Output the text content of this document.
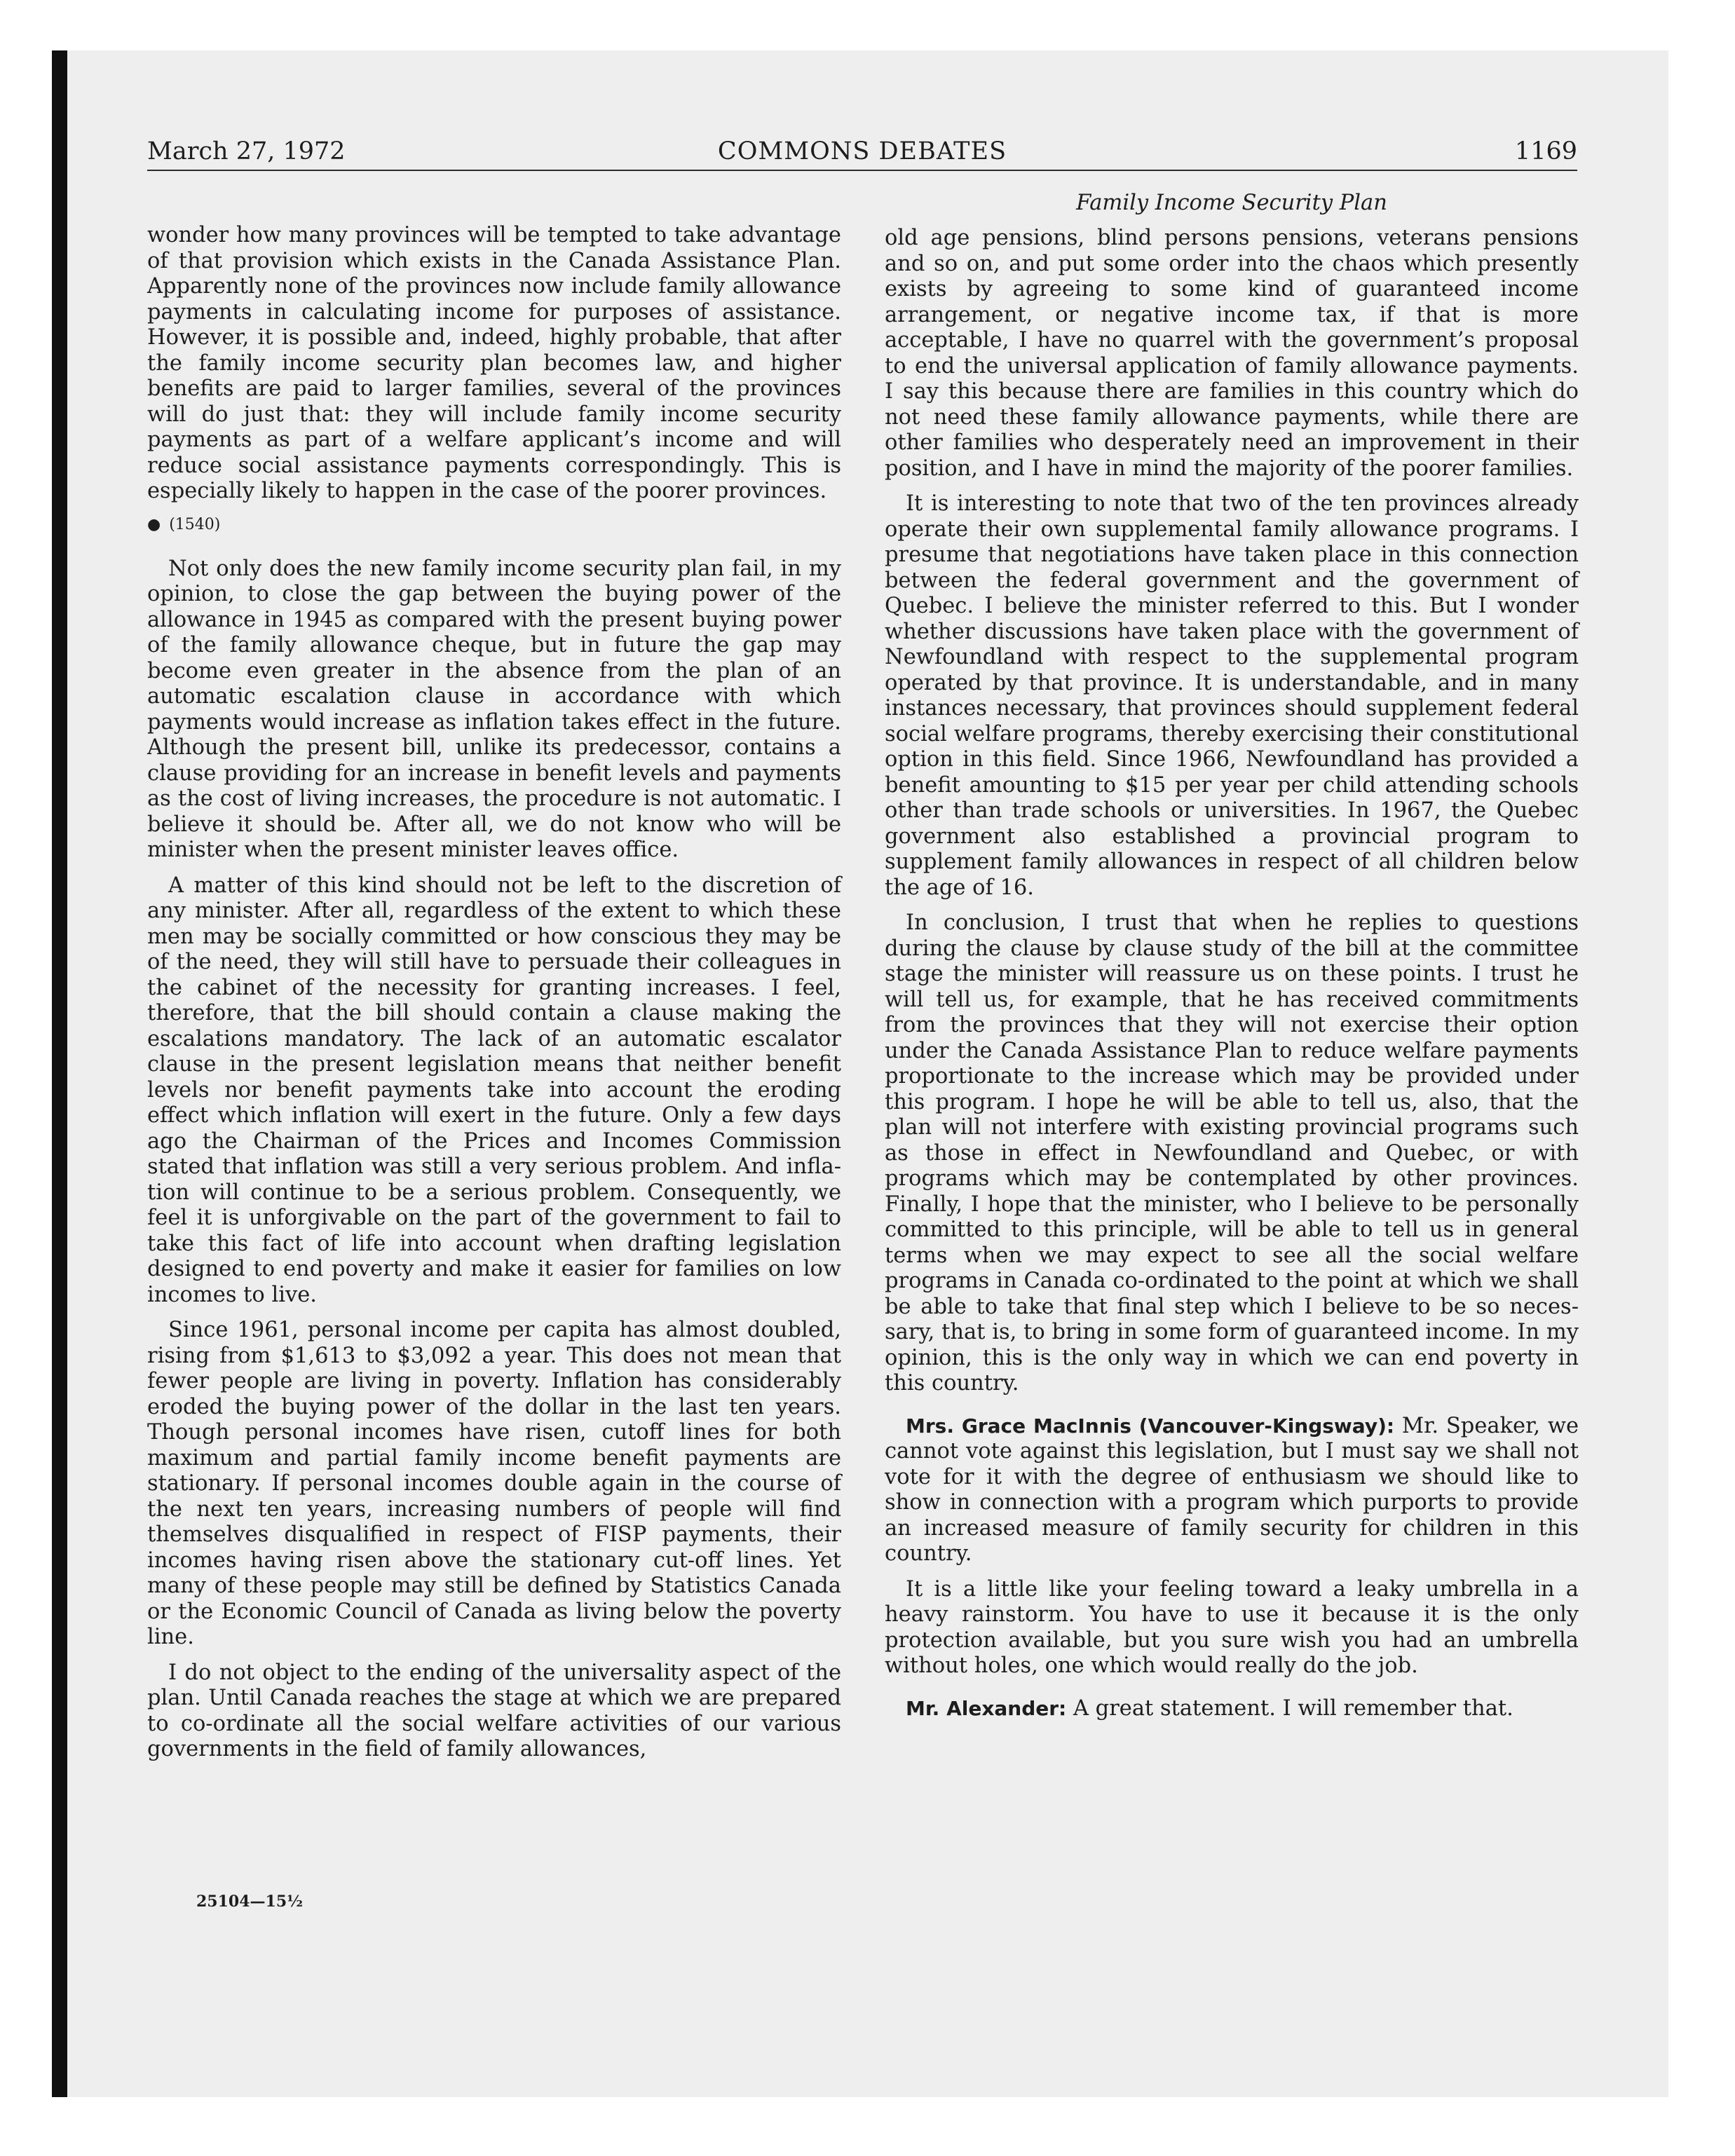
March 27, 1972	COMMONS DEBATES	1169

wonder how many provinces will be tempted to take advantage of that provision which exists in the Canada Assistance Plan. Apparently none of the provinces now include family allowance payments in calculating income for purposes of assistance. However, it is possible and, indeed, highly probable, that after the family income security plan becomes law, and higher benefits are paid to larger families, several of the provinces will do just that: they will include family income security payments as part of a welfare applicant’s income and will reduce social assistance payments correspondingly. This is especially likely to happen in the case of the poorer provinces.

● (1540)

Not only does the new family income security plan fail, in my opinion, to close the gap between the buying power of the allowance in 1945 as compared with the present buying power of the family allowance cheque, but in future the gap may become even greater in the absence from the plan of an automatic escalation clause in accordance with which payments would increase as inflation takes effect in the future. Although the present bill, unlike its predecessor, contains a clause providing for an increase in benefit levels and payments as the cost of living increases, the procedure is not automatic. I believe it should be. After all, we do not know who will be minister when the present minister leaves office.

A matter of this kind should not be left to the discretion of any minister. After all, regardless of the extent to which these men may be socially committed or how conscious they may be of the need, they will still have to persuade their colleagues in the cabinet of the necessity for granting increases. I feel, therefore, that the bill should contain a clause making the escalations mandatory. The lack of an automatic escalator clause in the present legislation means that neither benefit levels nor benefit payments take into account the eroding effect which inflation will exert in the future. Only a few days ago the Chairman of the Prices and Incomes Commission stated that inflation was still a very serious problem. And inflation will continue to be a serious problem. Consequently, we feel it is unforgivable on the part of the government to fail to take this fact of life into account when drafting legislation designed to end poverty and make it easier for families on low incomes to live.

Since 1961, personal income per capita has almost doubled, rising from $1,613 to $3,092 a year. This does not mean that fewer people are living in poverty. Inflation has considerably eroded the buying power of the dollar in the last ten years. Though personal incomes have risen, cutoff lines for both maximum and partial family income benefit payments are stationary. If personal incomes double again in the course of the next ten years, increasing numbers of people will find themselves disqualified in respect of FISP payments, their incomes having risen above the stationary cut-off lines. Yet many of these people may still be defined by Statistics Canada or the Economic Council of Canada as living below the poverty line.

I do not object to the ending of the universality aspect of the plan. Until Canada reaches the stage at which we are prepared to co-ordinate all the social welfare activities of our various governments in the field of family allowances,

Family Income Security Plan

old age pensions, blind persons pensions, veterans pensions and so on, and put some order into the chaos which presently exists by agreeing to some kind of guaranteed income arrangement, or negative income tax, if that is more acceptable, I have no quarrel with the government’s proposal to end the universal application of family allowance payments. I say this because there are families in this country which do not need these family allowance payments, while there are other families who desperately need an improvement in their position, and I have in mind the majority of the poorer families.

It is interesting to note that two of the ten provinces already operate their own supplemental family allowance programs. I presume that negotiations have taken place in this connection between the federal government and the government of Quebec. I believe the minister referred to this. But I wonder whether discussions have taken place with the government of Newfoundland with respect to the supplemental program operated by that province. It is understandable, and in many instances necessary, that provinces should supplement federal social welfare programs, thereby exercising their constitutional option in this field. Since 1966, Newfoundland has provided a benefit amounting to $15 per year per child attending schools other than trade schools or universities. In 1967, the Quebec government also established a provincial program to supplement family allowances in respect of all children below the age of 16.

In conclusion, I trust that when he replies to questions during the clause by clause study of the bill at the committee stage the minister will reassure us on these points. I trust he will tell us, for example, that he has received commitments from the provinces that they will not exercise their option under the Canada Assistance Plan to reduce welfare payments proportionate to the increase which may be provided under this program. I hope he will be able to tell us, also, that the plan will not interfere with existing provincial programs such as those in effect in Newfoundland and Quebec, or with programs which may be contemplated by other provinces. Finally, I hope that the minister, who I believe to be personally committed to this principle, will be able to tell us in general terms when we may expect to see all the social welfare programs in Canada co-ordinated to the point at which we shall be able to take that final step which I believe to be so necessary, that is, to bring in some form of guaranteed income. In my opinion, this is the only way in which we can end poverty in this country.

Mrs. Grace MacInnis (Vancouver-Kingsway): Mr. Speaker, we cannot vote against this legislation, but I must say we shall not vote for it with the degree of enthusiasm we should like to show in connection with a program which purports to provide an increased measure of family security for children in this country.

It is a little like your feeling toward a leaky umbrella in a heavy rainstorm. You have to use it because it is the only protection available, but you sure wish you had an umbrella without holes, one which would really do the job.

Mr. Alexander: A great statement. I will remember that.

25104—15½
